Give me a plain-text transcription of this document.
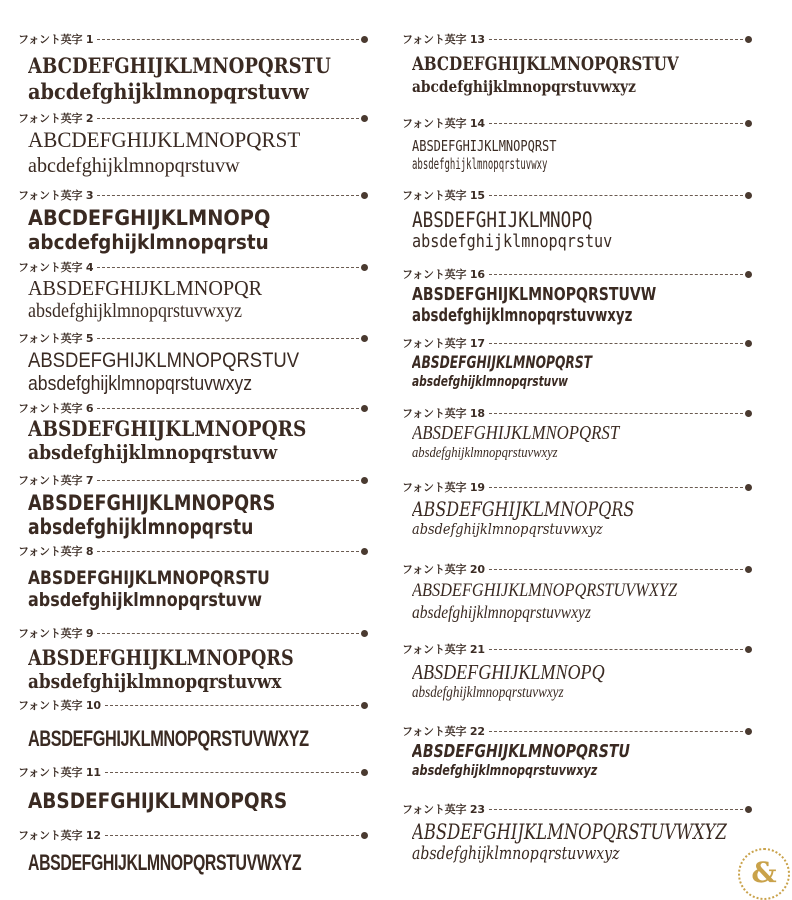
フォント英字 1
ABCDEFGHIJKLMNOPQRSTU
abcdefghijklmnopqrstuvw
フォント英字 2
ABCDEFGHIJKLMNOPQRST
abcdefghijklmnopqrstuvw
フォント英字 3
ABCDEFGHIJKLMNOPQ
abcdefghijklmnopqrstu
フォント英字 4
ABSDEFGHIJKLMNOPQR
absdefghijklmnopqrstuvwxyz
フォント英字 5
ABSDEFGHIJKLMNOPQRSTUV
absdefghijklmnopqrstuvwxyz
フォント英字 6
ABSDEFGHIJKLMNOPQRS
absdefghijklmnopqrstuvw
フォント英字 7
ABSDEFGHIJKLMNOPQRS
absdefghijklmnopqrstu
フォント英字 8
ABSDEFGHIJKLMNOPQRSTU
absdefghijklmnopqrstuvw
フォント英字 9
ABSDEFGHIJKLMNOPQRS
absdefghijklmnopqrstuvwx
フォント英字 10
ABSDEFGHIJKLMNOPQRSTUVWXYZ
フォント英字 11
ABSDEFGHIJKLMNOPQRS
フォント英字 12
ABSDEFGHIJKLMNOPQRSTUVWXYZ
フォント英字 13
ABCDEFGHIJKLMNOPQRSTUV
abcdefghijklmnopqrstuvwxyz
フォント英字 14
ABSDEFGHIJKLMNOPQRST
absdefghijklmnopqrstuvwxy
フォント英字 15
ABSDEFGHIJKLMNOPQ
absdefghijklmnopqrstuv
フォント英字 16
ABSDEFGHIJKLMNOPQRSTUVW
absdefghijklmnopqrstuvwxyz
フォント英字 17
ABSDEFGHIJKLMNOPQRST
absdefghijklmnopqrstuvw
フォント英字 18
ABSDEFGHIJKLMNOPQRST
absdefghijklmnopqrstuvwxyz
フォント英字 19
ABSDEFGHIJKLMNOPQRS
absdefghijklmnopqrstuvwxyz
フォント英字 20
ABSDEFGHIJKLMNOPQRSTUVWXYZ
absdefghijklmnopqrstuvwxyz
フォント英字 21
ABSDEFGHIJKLMNOPQ
absdefghijklmnopqrstuvwxyz
フォント英字 22
ABSDEFGHIJKLMNOPQRSTU
absdefghijklmnopqrstuvwxyz
フォント英字 23
ABSDEFGHIJKLMNOPQRSTUVWXYZ
absdefghijklmnopqrstuvwxyz
&
